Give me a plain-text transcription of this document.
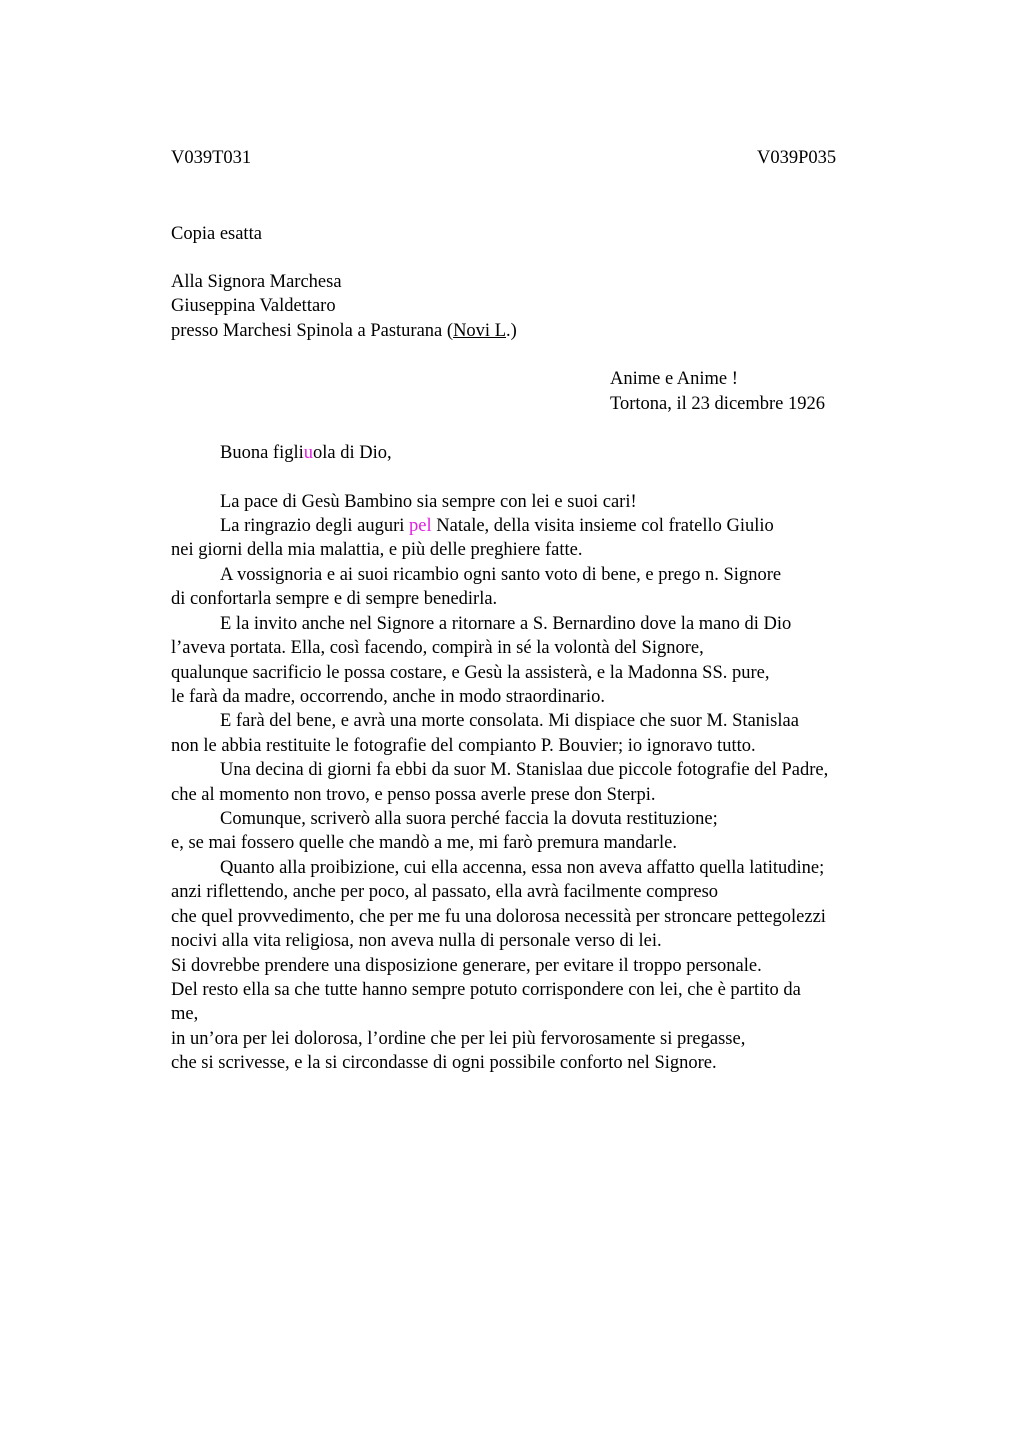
V039T031	V039P035
Copia esatta
Alla Signora Marchesa
Giuseppina Valdettaro
presso Marchesi Spinola a Pasturana (Novi L.)
Anime e Anime !
Tortona, il 23 dicembre 1926
Buona figliuola di Dio,
La pace di Gesù Bambino sia sempre con lei e suoi cari!
La ringrazio degli auguri pel Natale, della visita insieme col fratello Giulio
nei giorni della mia malattia, e più delle preghiere fatte.
A vossignoria e ai suoi ricambio ogni santo voto di bene, e prego n. Signore
di confortarla sempre e di sempre benedirla.
E la invito anche nel Signore a ritornare a S. Bernardino dove la mano di Dio
l’aveva portata. Ella, così facendo, compirà in sé la volontà del Signore,
qualunque sacrificio le possa costare, e Gesù la assisterà, e la Madonna SS. pure,
le farà da madre, occorrendo, anche in modo straordinario.
E farà del bene, e avrà una morte consolata. Mi dispiace che suor M. Stanislaa
non le abbia restituite le fotografie del compianto P. Bouvier; io ignoravo tutto.
Una decina di giorni fa ebbi da suor M. Stanislaa due piccole fotografie del Padre,
che al momento non trovo, e penso possa averle prese don Sterpi.
Comunque, scriverò alla suora perché faccia la dovuta restituzione;
e, se mai fossero quelle che mandò a me, mi farò premura mandarle.
Quanto alla proibizione, cui ella accenna, essa non aveva affatto quella latitudine;
anzi riflettendo, anche per poco, al passato, ella avrà facilmente compreso
che quel provvedimento, che per me fu una dolorosa necessità per stroncare pettegolezzi
nocivi alla vita religiosa, non aveva nulla di personale verso di lei.
Si dovrebbe prendere una disposizione generare, per evitare il troppo personale.
Del resto ella sa che tutte hanno sempre potuto corrispondere con lei, che è partito da
me,
in un’ora per lei dolorosa, l’ordine che per lei più fervorosamente si pregasse,
che si scrivesse, e la si circondasse di ogni possibile conforto nel Signore.
